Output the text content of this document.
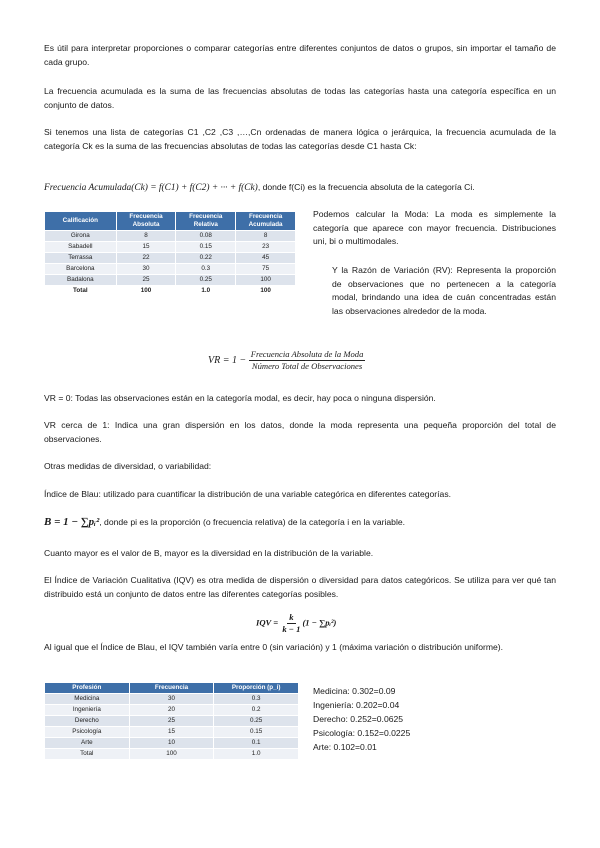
Es útil para interpretar proporciones o comparar categorías entre diferentes conjuntos de datos o grupos, sin importar el tamaño de cada grupo.
La frecuencia acumulada es la suma de las frecuencias absolutas de todas las categorías hasta una categoría específica en un conjunto de datos.
Si tenemos una lista de categorías C1 ,C2 ,C3 ,…,Cn ordenadas de manera lógica o jerárquica, la frecuencia acumulada de la categoría Ck es la suma de las frecuencias absolutas de todas las categorías desde C1 hasta Ck:
Frecuencia Acumulada(Ck) = f(C1) + f(C2) + ··· + f(Ck), donde f(Ci) es la frecuencia absoluta de la categoría Ci.
Calificación	Frecuencia Absoluta	Frecuencia Relativa	Frecuencia Acumulada
Girona	8	0.08	8
Sabadell	15	0.15	23
Terrassa	22	0.22	45
Barcelona	30	0.3	75
Badalona	25	0.25	100
Total	100	1.0	100
Podemos calcular la Moda: La moda es simplemente la categoría que aparece con mayor frecuencia. Distribuciones uni, bi o multimodales.
Y la Razón de Variación (RV): Representa la proporción de observaciones que no pertenecen a la categoría modal, brindando una idea de cuán concentradas están las observaciones alrededor de la moda.
VR = $1 - \frac{\text{Frecuencia Absoluta de la Moda}}{\text{Número Total de Observaciones}}$
VR = 0: Todas las observaciones están en la categoría modal, es decir, hay poca o ninguna dispersión.
VR cerca de 1: Indica una gran dispersión en los datos, donde la moda representa una pequeña proporción del total de observaciones.
Otras medidas de diversidad, o variabilidad:
Índice de Blau: utilizado para cuantificar la distribución de una variable categórica en diferentes categorías.
B = 1 − ∑pᵢ², donde pi es la proporción (o frecuencia relativa) de la categoría i en la variable.
Cuanto mayor es el valor de B, mayor es la diversidad en la distribución de la variable.
El Índice de Variación Cualitativa (IQV) es otra medida de dispersión o diversidad para datos categóricos. Se utiliza para ver qué tan distribuido está un conjunto de datos entre las diferentes categorías posibles.
IQV = $\frac{k}{k - 1} (1$ − ∑pᵢ²)
Al igual que el Índice de Blau, el IQV también varía entre 0 (sin variación) y 1 (máxima variación o distribución uniforme).
Profesión	Frecuencia	Proporción (p_i)
Medicina	30	0.3
Ingeniería	20	0.2
Derecho	25	0.25
Psicología	15	0.15
Arte	10	0.1
Total	100	1.0
Medicina: 0.302=0.09
Ingeniería: 0.202=0.04
Derecho: 0.252=0.0625
Psicología: 0.152=0.0225
Arte: 0.102=0.01
